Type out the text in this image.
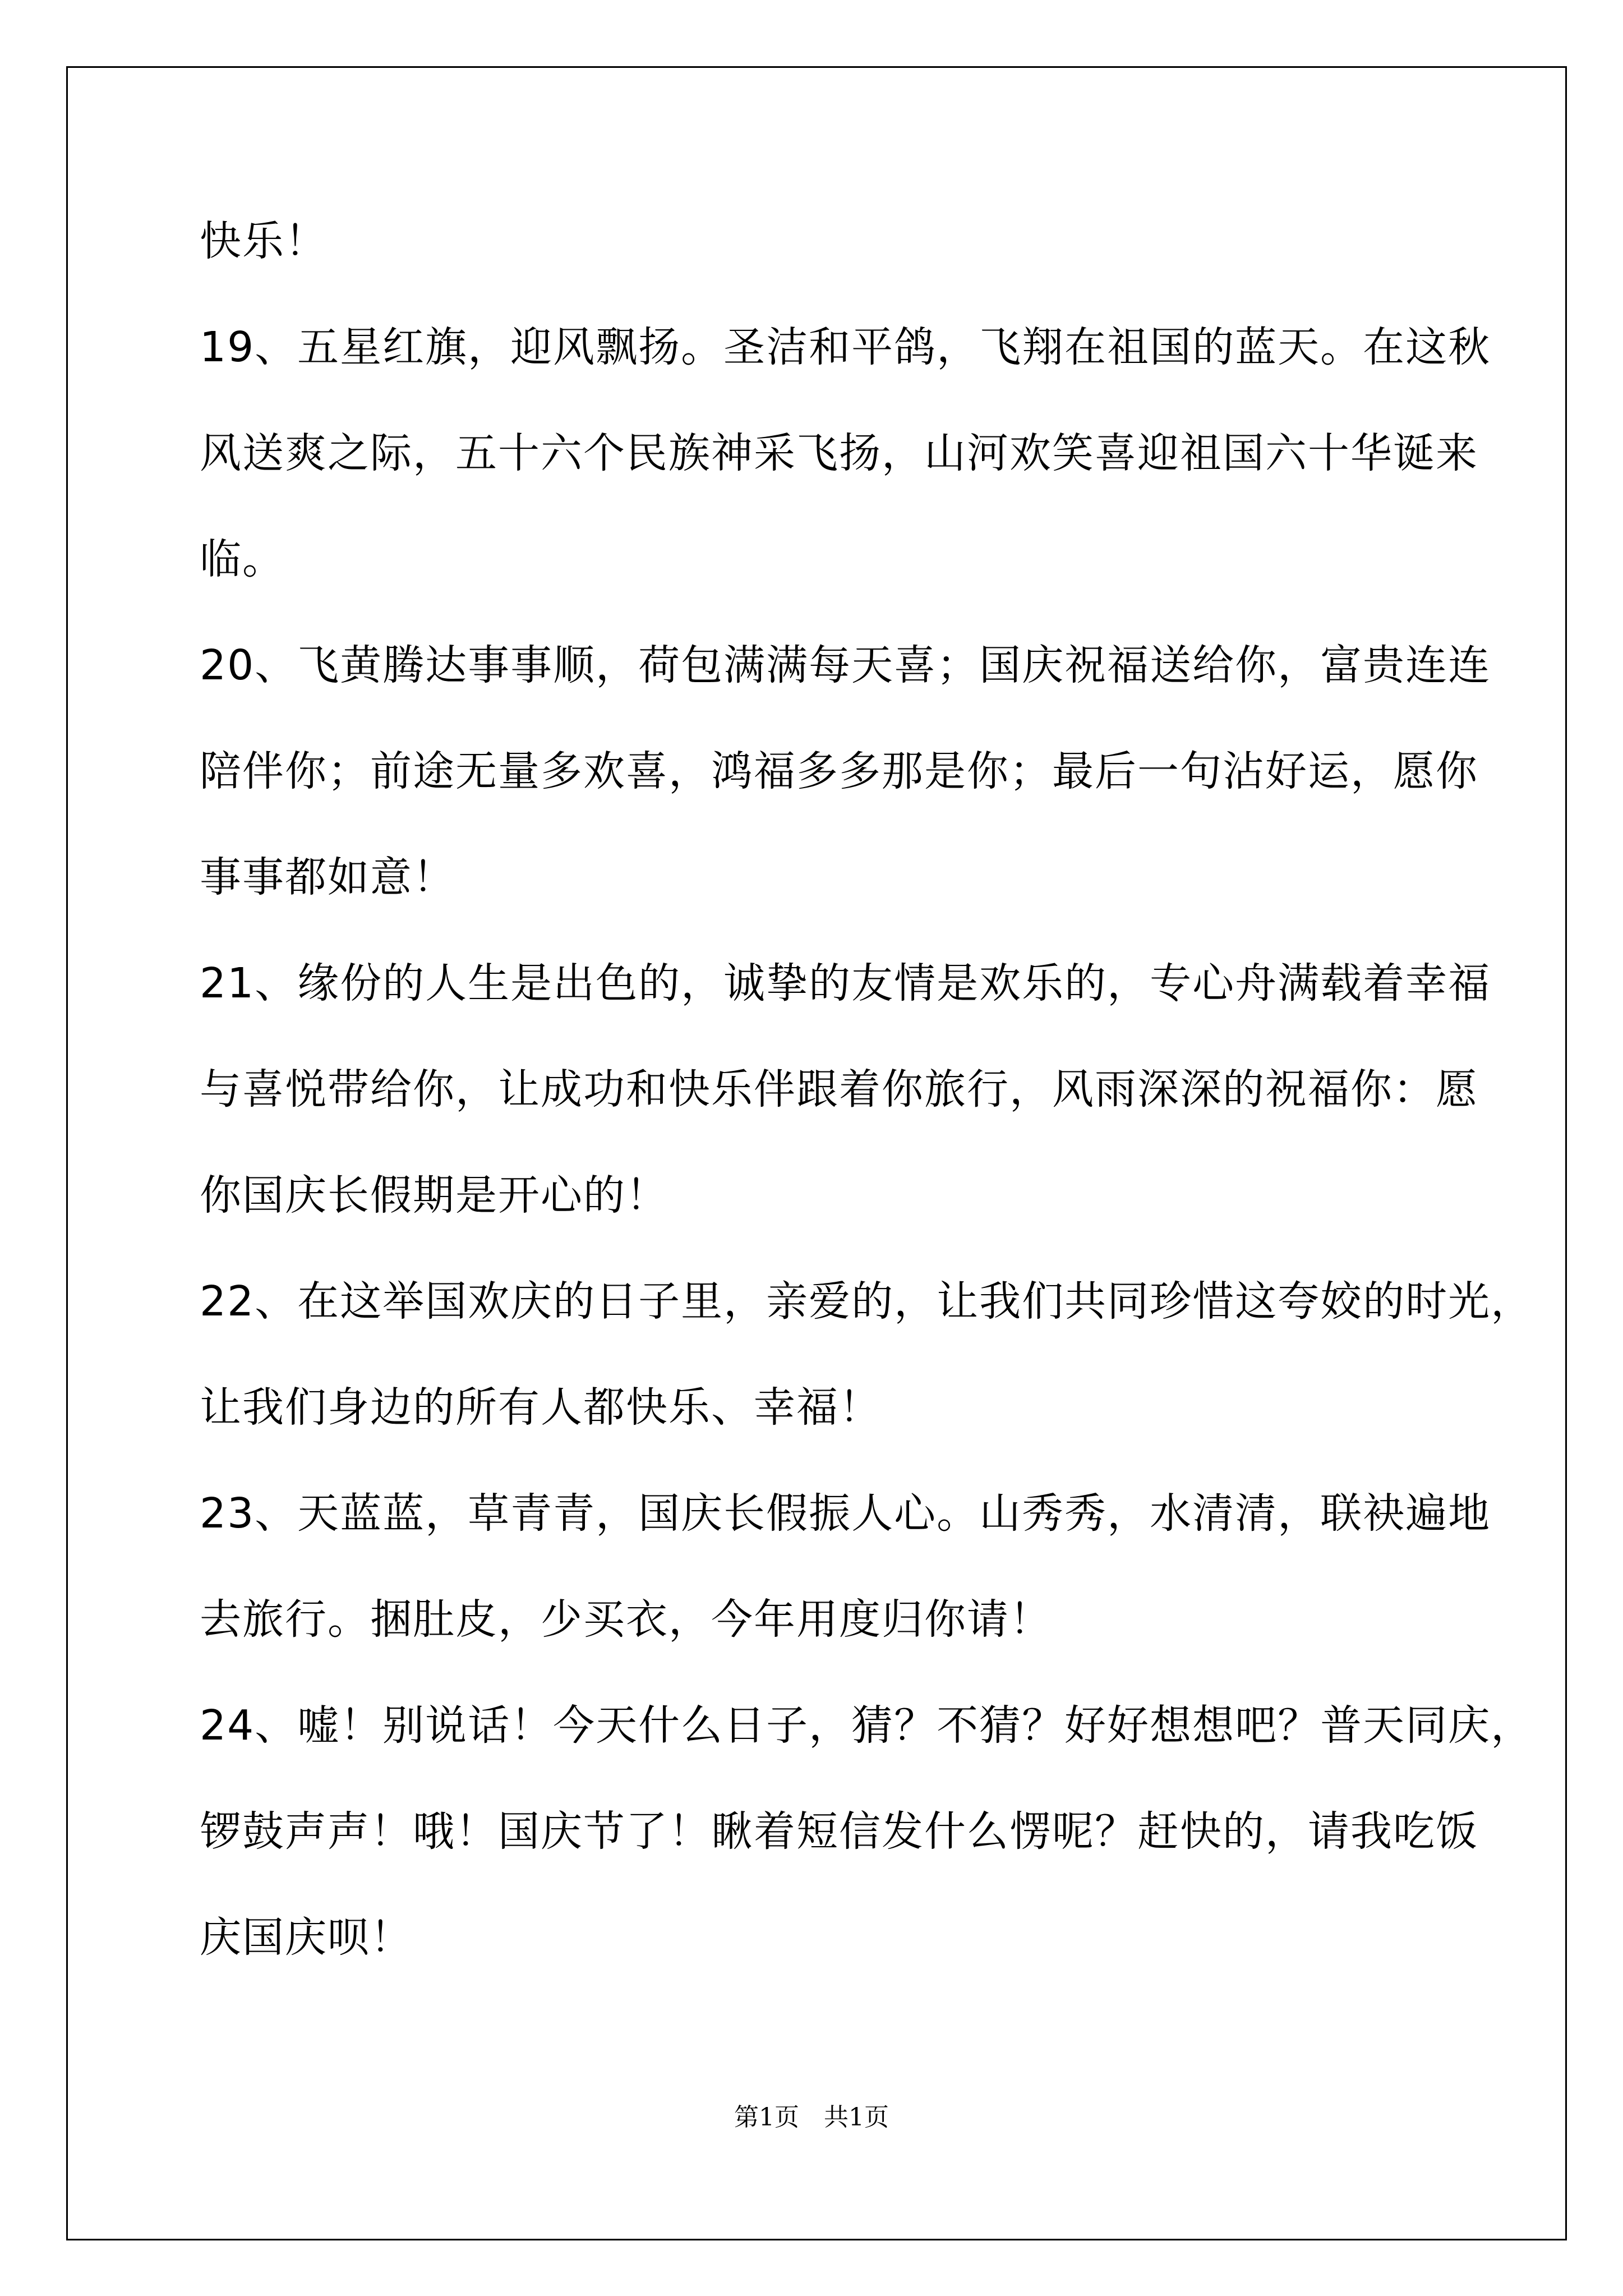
快乐！
19、五星红旗，迎风飘扬。圣洁和平鸽，飞翔在祖国的蓝天。在这秋
风送爽之际，五十六个民族神采飞扬，山河欢笑喜迎祖国六十华诞来
临。
20、飞黄腾达事事顺，荷包满满每天喜；国庆祝福送给你，富贵连连
陪伴你；前途无量多欢喜，鸿福多多那是你；最后一句沾好运，愿你
事事都如意！
21、缘份的人生是出色的，诚挚的友情是欢乐的，专心舟满载着幸福
与喜悦带给你，让成功和快乐伴跟着你旅行，风雨深深的祝福你：愿
你国庆长假期是开心的！
22、在这举国欢庆的日子里，亲爱的，让我们共同珍惜这夸姣的时光，
让我们身边的所有人都快乐、幸福！
23、天蓝蓝，草青青，国庆长假振人心。山秀秀，水清清，联袂遍地
去旅行。捆肚皮，少买衣，今年用度归你请！
24、嘘！别说话！今天什么日子，猜？不猜？好好想想吧？普天同庆，
锣鼓声声！哦！国庆节了！瞅着短信发什么愣呢？赶快的，请我吃饭
庆国庆呗！
第1页　共1页
